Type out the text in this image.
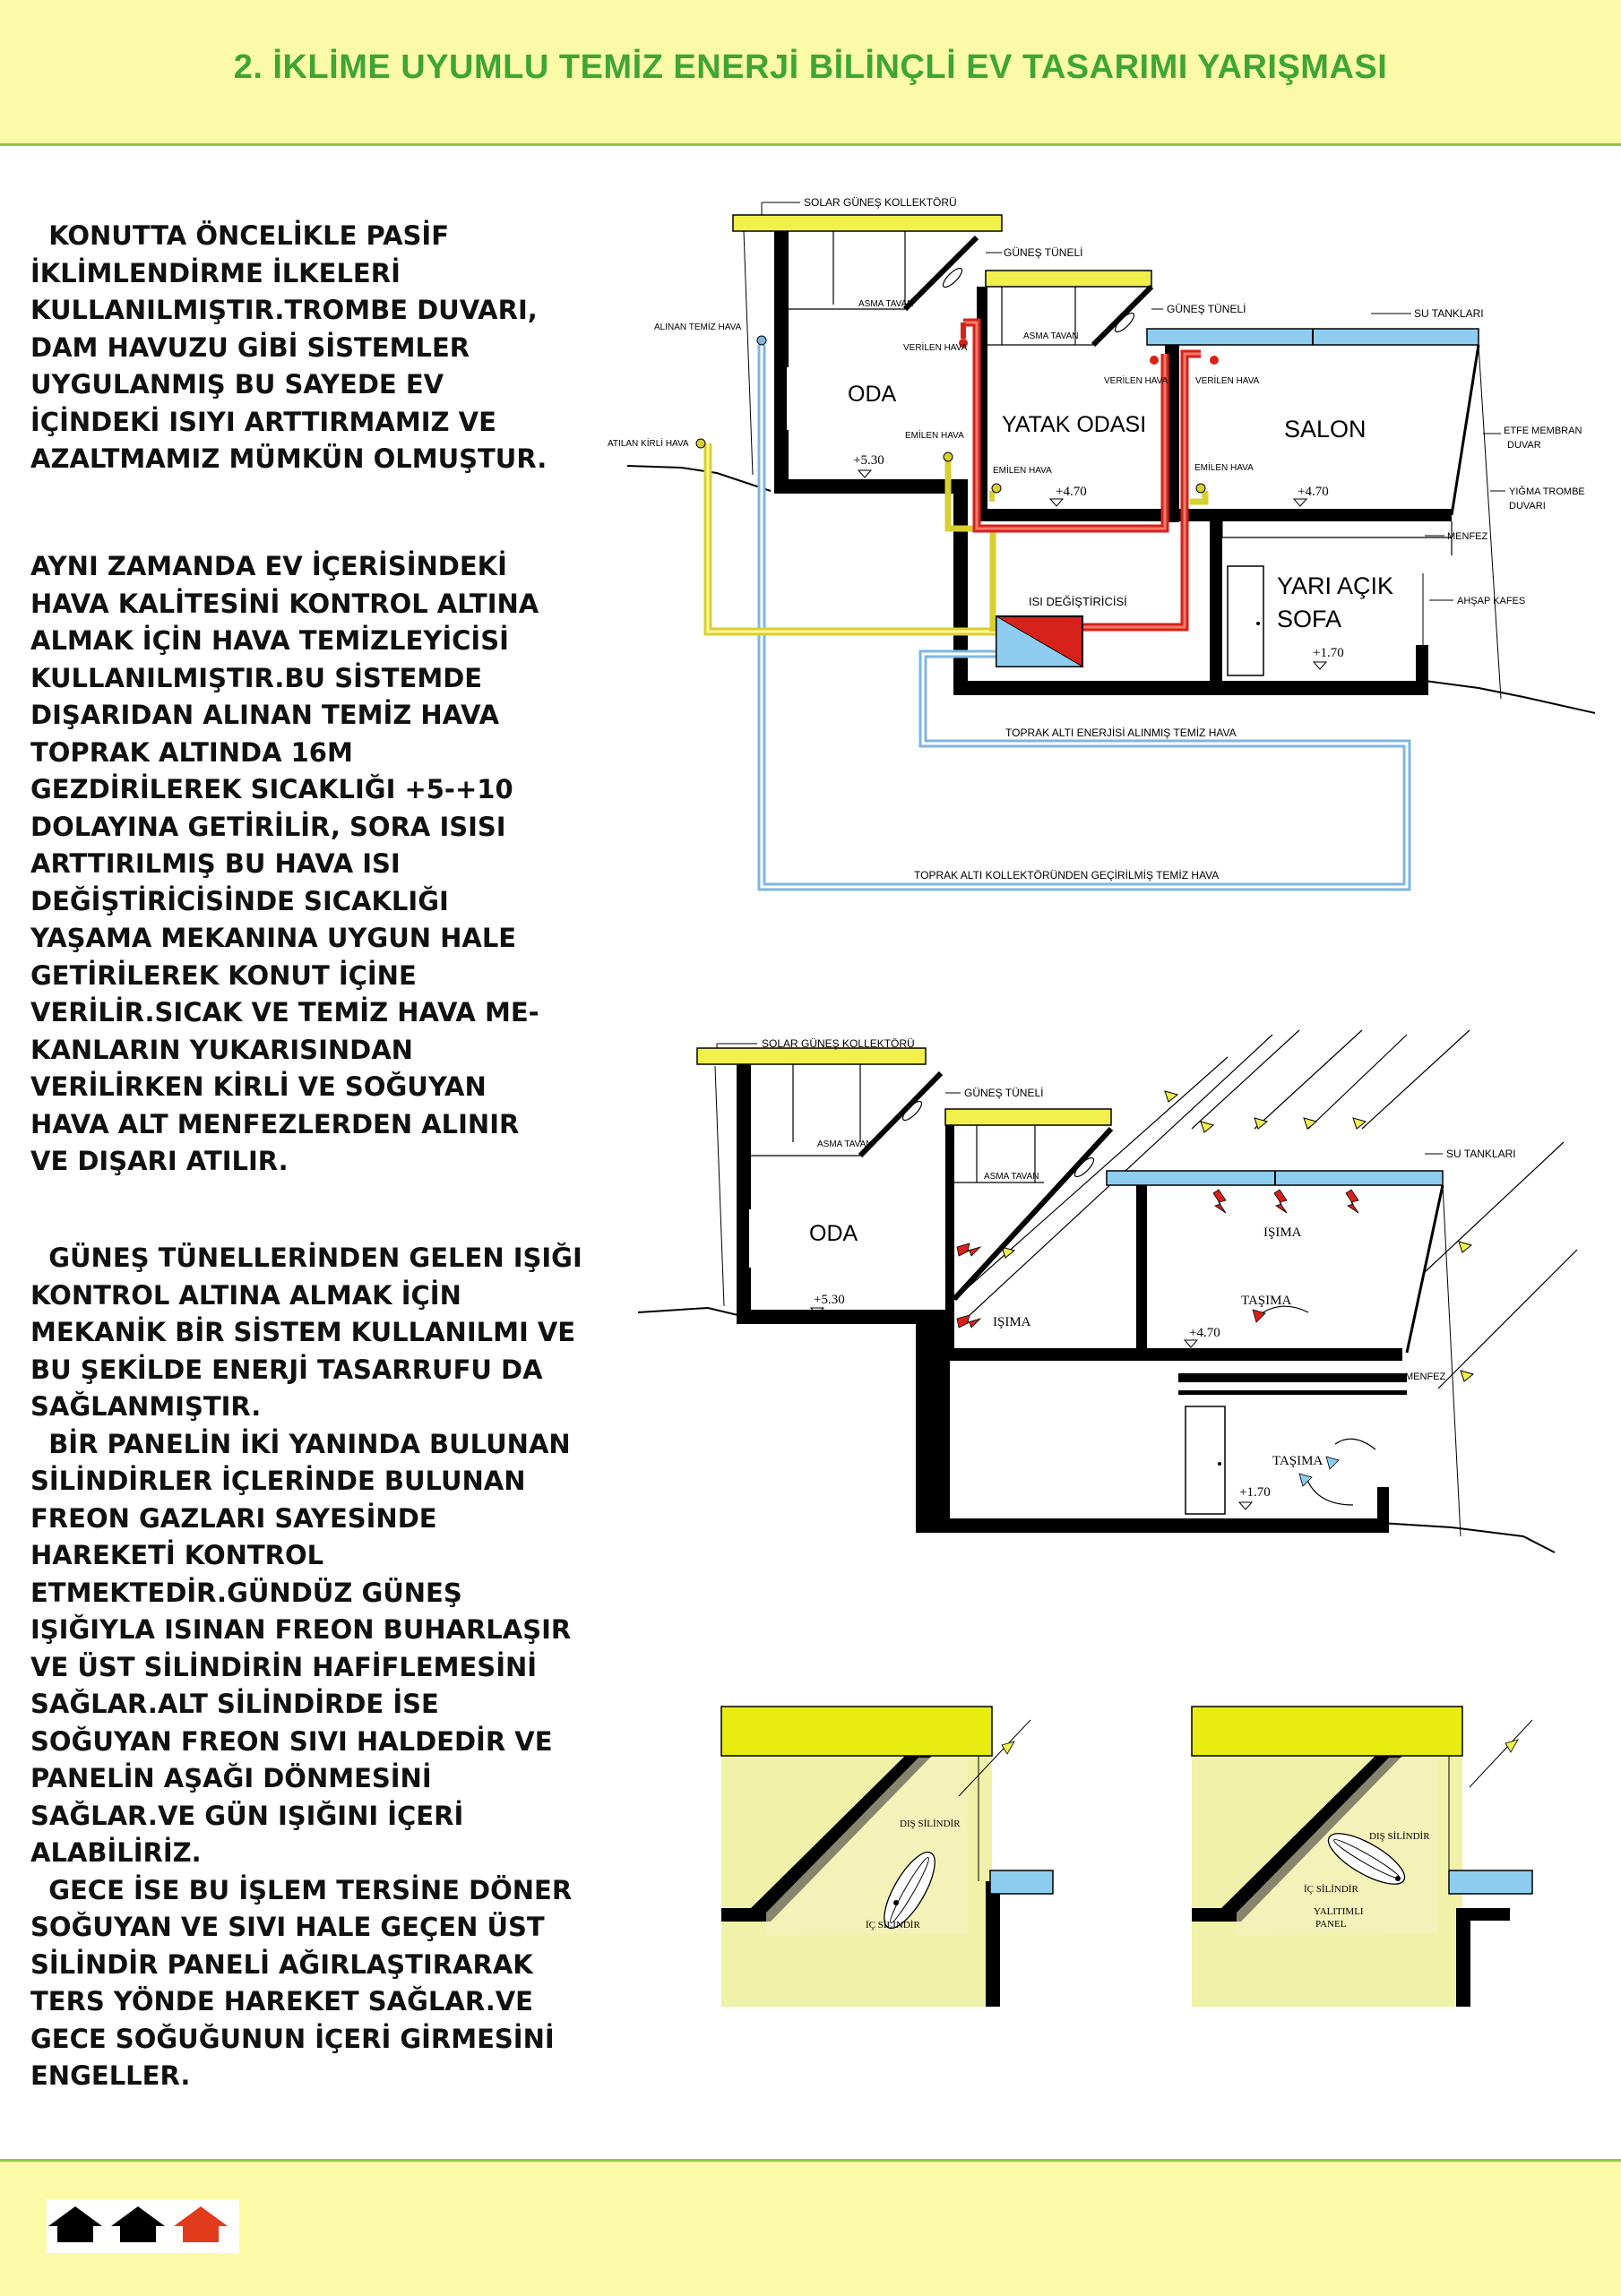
2. İKLİME UYUMLU TEMİZ ENERJİ BİLİNÇLİ EV TASARIMI YARIŞMASI

KONUTTA ÖNCELİKLE PASİF

İKLİMLENDİRME İLKELERİ

KULLANILMIŞTIR.TROMBE DUVARI,

DAM HAVUZU GİBİ SİSTEMLER

UYGULANMIŞ BU SAYEDE EV

İÇİNDEKİ ISIYI ARTTIRMAMIZ VE

AZALTMAMIZ MÜMKÜN OLMUŞTUR.

AYNI ZAMANDA EV İÇERİSİNDEKİ

HAVA KALİTESİNİ KONTROL ALTINA

ALMAK İÇİN HAVA TEMİZLEYİCİSİ

KULLANILMIŞTIR.BU SİSTEMDE

DIŞARIDAN ALINAN TEMİZ HAVA

TOPRAK ALTINDA 16M

GEZDİRİLEREK SICAKLIĞI +5-+10

DOLAYINA GETİRİLİR, SORA ISISI

ARTTIRILMIŞ BU HAVA ISI

DEĞİŞTİRİCİSİNDE SICAKLIĞI

YAŞAMA MEKANINA UYGUN HALE

GETİRİLEREK KONUT İÇİNE

VERİLİR.SICAK VE TEMİZ HAVA ME-

KANLARIN YUKARISINDAN

VERİLİRKEN KİRLİ VE SOĞUYAN

HAVA ALT MENFEZLERDEN ALINIR

VE DIŞARI ATILIR.

GÜNEŞ TÜNELLERİNDEN GELEN IŞIĞI

KONTROL ALTINA ALMAK İÇİN

MEKANİK BİR SİSTEM KULLANILMI VE

BU ŞEKİLDE ENERJİ TASARRUFU DA

SAĞLANMIŞTIR.

BİR PANELİN İKİ YANINDA BULUNAN

SİLİNDİRLER İÇLERİNDE BULUNAN

FREON GAZLARI SAYESİNDE

HAREKETİ KONTROL

ETMEKTEDİR.GÜNDÜZ GÜNEŞ

IŞIĞIYLA ISINAN FREON BUHARLAŞIR

VE ÜST SİLİNDİRİN HAFİFLEMESİNİ

SAĞLAR.ALT SİLİNDİRDE İSE

SOĞUYAN FREON SIVI HALDEDİR VE

PANELİN AŞAĞI DÖNMESİNİ

SAĞLAR.VE GÜN IŞIĞINI İÇERİ

ALABİLİRİZ.

GECE İSE BU İŞLEM TERSİNE DÖNER

SOĞUYAN VE SIVI HALE GEÇEN ÜST

SİLİNDİR PANELİ AĞIRLAŞTIRARAK

TERS YÖNDE HAREKET SAĞLAR.VE

GECE SOĞUĞUNUN İÇERİ GİRMESİNİ

ENGELLER.

SOLAR GÜNEŞ KOLLEKTÖRÜ
GÜNEŞ TÜNELİ
GÜNEŞ TÜNELİ	SU TANKLARI
ASMA TAVAN
ASMA TAVAN
ALINAN TEMİZ HAVA
ATILAN KİRLİ HAVA
VERİLEN HAVA
VERİLEN HAVA	VERİLEN HAVA
EMİLEN HAVA
EMİLEN HAVA	EMİLEN HAVA
ODA
YATAK ODASI	SALON
+5.30
+4.70	+4.70
+1.70
ETFE MEMBRAN
DUVAR
YIĞMA TROMBE
DUVARI
MENFEZ
AHŞAP KAFES
YARI AÇIK
SOFA
ISI DEĞİŞTİRİCİSİ
TOPRAK ALTI ENERJİSİ ALINMIŞ TEMİZ HAVA
TOPRAK ALTI KOLLEKTÖRÜNDEN GEÇİRİLMİŞ TEMİZ HAVA
SOLAR GÜNEŞ KOLLEKTÖRÜ
GÜNEŞ TÜNELİ
SU TANKLARI
ASMA TAVAN
ASMA TAVAN
ODA
+5.30
+4.70
+1.70
IŞIMA
IŞIMA
TAŞIMA
TAŞIMA
MENFEZ
DIŞ SİLİNDİR
İÇ SİLİNDİR
DIŞ SİLİNDİR
İÇ SİLİNDİR
YALITIMLI
PANEL
